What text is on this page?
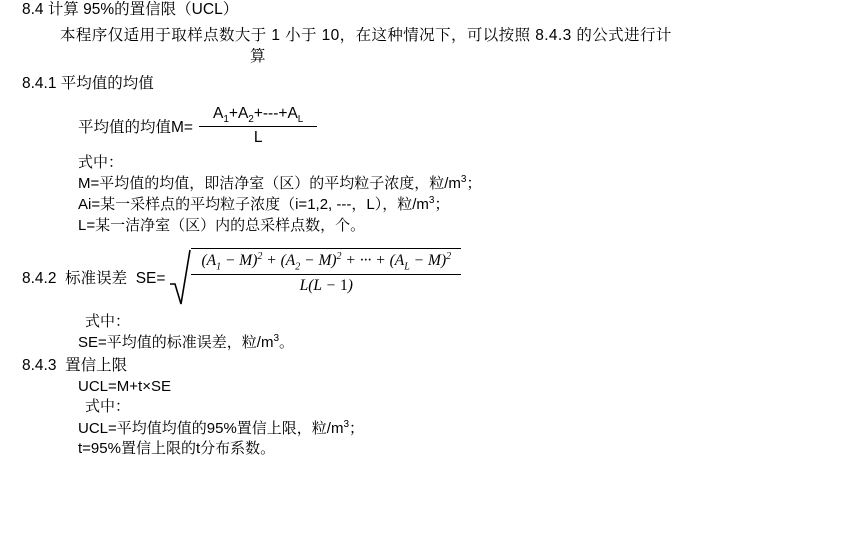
8.4 计算 95%的置信限（UCL）
本程序仅适用于取样点数大于 1 小于 10，在这种情况下，可以按照 8.4.3 的公式进行计
算
8.4.1 平均值的均值
平均值的均值$M= \frac{A_1+A_2+---+A_L}{L}$
式中：
M=平均值的均值，即洁净室（区）的平均粒子浓度，粒$/m^3$；
Ai=某一采样点的平均粒子浓度（i=1,2, ---，L），粒$/m^3$；
L=某一洁净室（区）内的总采样点数，个。
8.4.2  标准误差  $SE= \frac{(A_1 - M)^2 + (A_2 - M)^2 + \cdot\cdot\cdot + (A_L - M)^2}{L(L - 1)}$
式中：
SE=平均值的标准误差，粒$/m^3$。
8.4.3  置信上限
UCL=M+t×SE
式中：
UCL=平均值均值的95%置信上限，粒$/m^3$；
t=95%置信上限的t分布系数。
